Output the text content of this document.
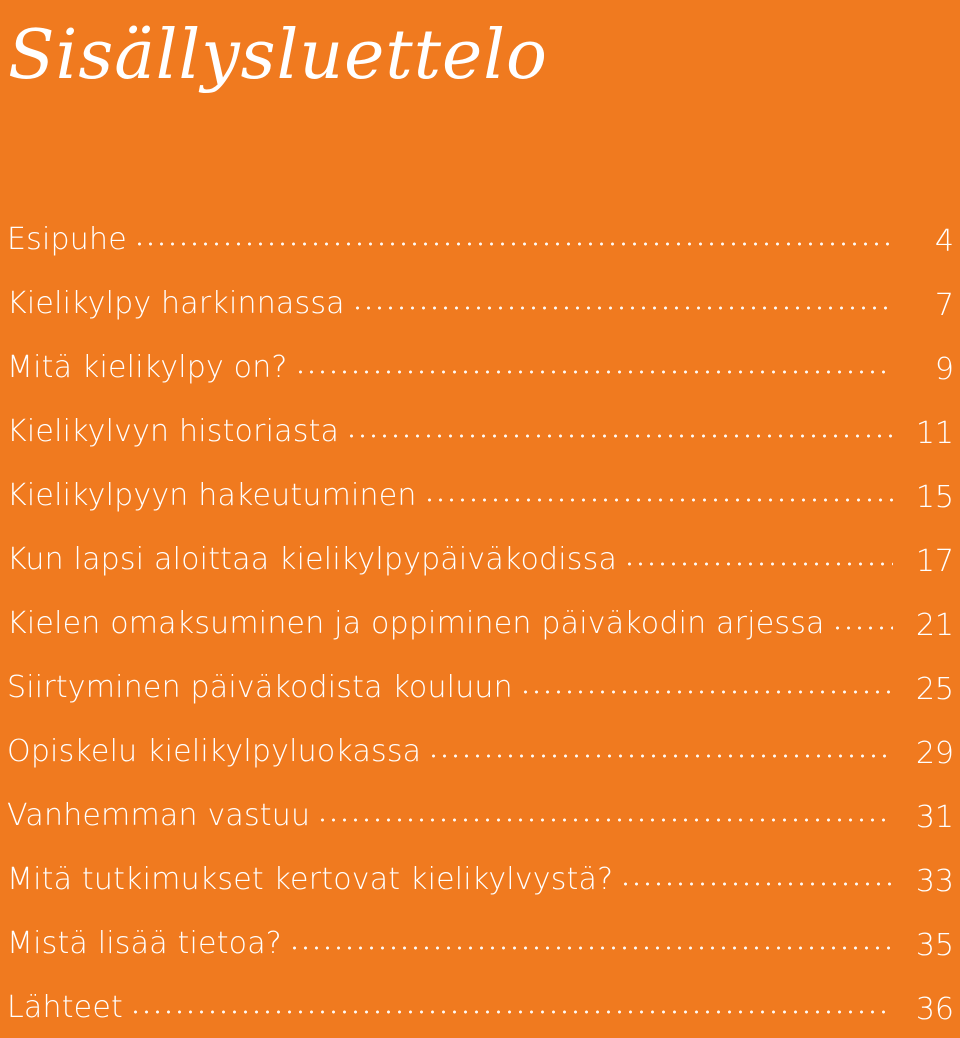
Sisällysluettelo
Esipuhe	4
Kielikylpy harkinnassa	7
Mitä kielikylpy on?	9
Kielikylvyn historiasta	11
Kielikylpyyn hakeutuminen	15
Kun lapsi aloittaa kielikylpypäiväkodissa	17
Kielen omaksuminen ja oppiminen päiväkodin arjessa	21
Siirtyminen päiväkodista kouluun	25
Opiskelu kielikylpyluokassa	29
Vanhemman vastuu	31
Mitä tutkimukset kertovat kielikylvystä?	33
Mistä lisää tietoa?	35
Lähteet	36
